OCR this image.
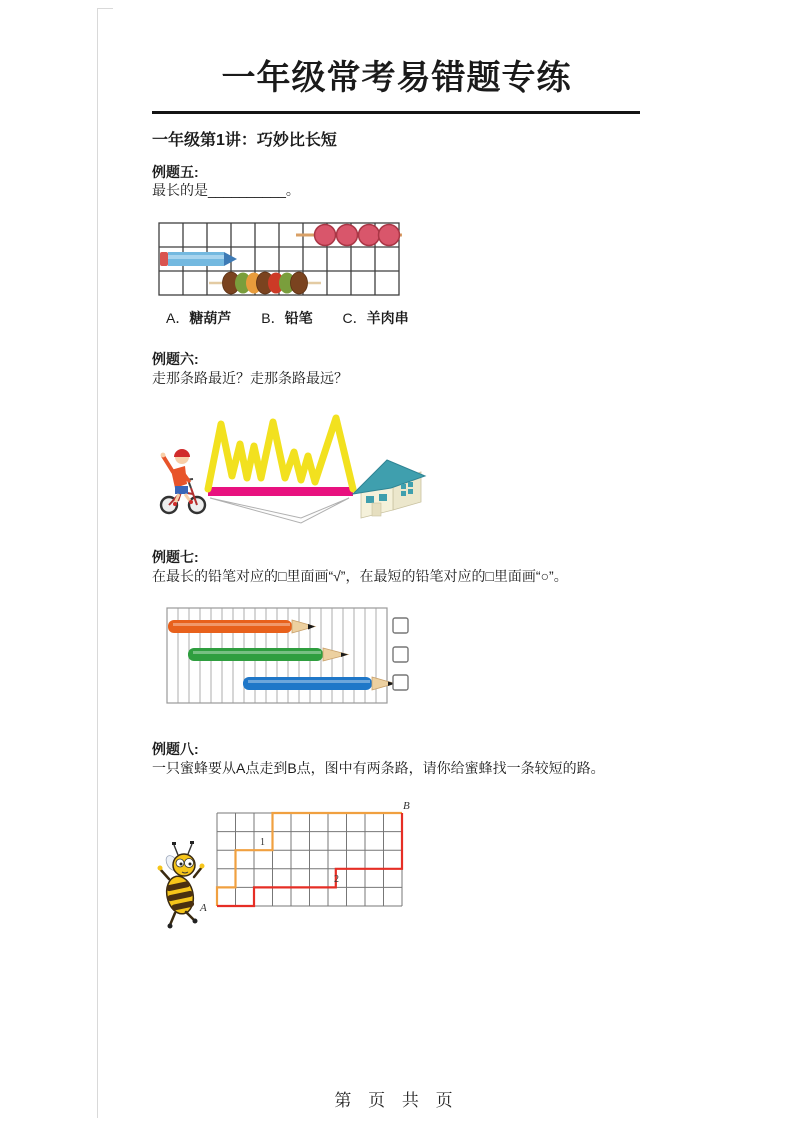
一年级常考易错题专练
一年级第1讲：巧妙比长短
例题五:
最长的是__________。
A．糖葫芦 B．铅笔 C．羊肉串
例题六:
走那条路最近？走那条路最远？
例题七:
在最长的铅笔对应的□里面画“√”，在最短的铅笔对应的□里面画“○”。
例题八:
一只蜜蜂要从A点走到B点，图中有两条路，请你给蜜蜂找一条较短的路。
1
2
A
B
第 页 共 页
